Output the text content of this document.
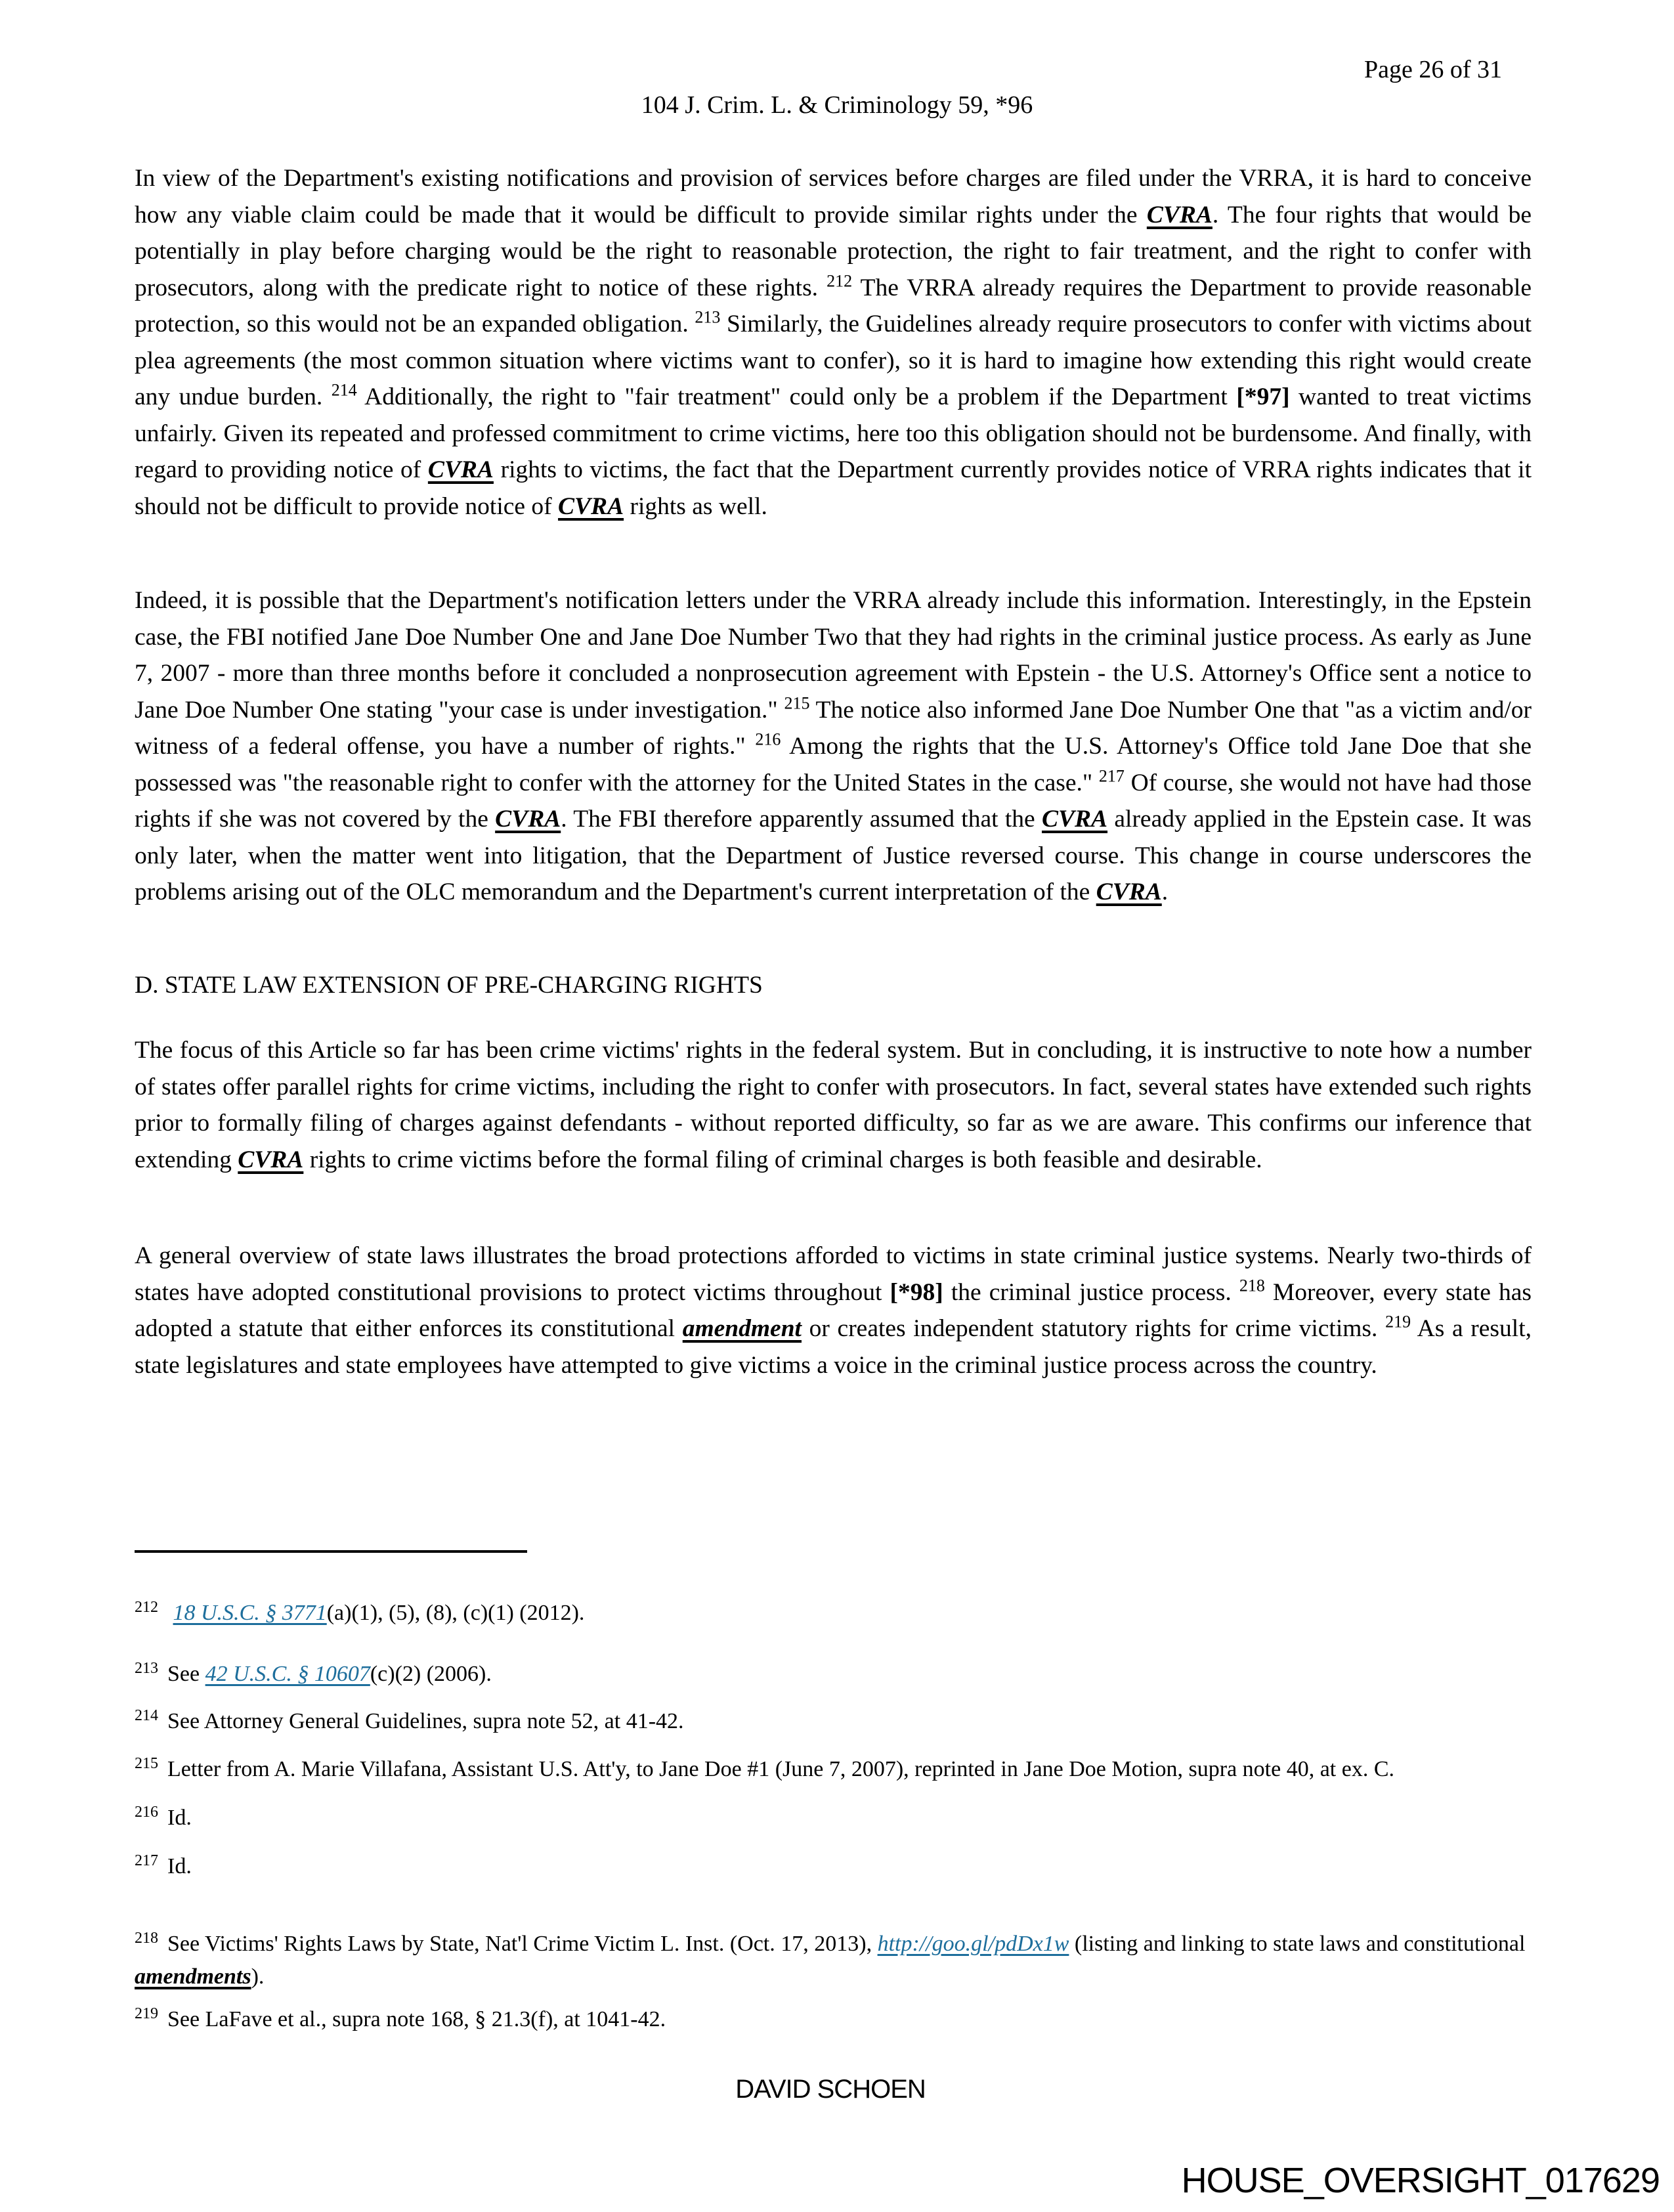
Page 26 of 31
104 J. Crim. L. & Criminology 59, *96

In view of the Department's existing notifications and provision of services before charges are filed under the VRRA, it is hard to conceive how any viable claim could be made that it would be difficult to provide similar rights under the CVRA. The four rights that would be potentially in play before charging would be the right to reasonable protection, the right to fair treatment, and the right to confer with prosecutors, along with the predicate right to notice of these rights. $^{212}$ The VRRA already requires the Department to provide reasonable protection, so this would not be an expanded obligation. $^{213}$ Similarly, the Guidelines already require prosecutors to confer with victims about plea agreements (the most common situation where victims want to confer), so it is hard to imagine how extending this right would create any undue burden. $^{214}$ Additionally, the right to "fair treatment" could only be a problem if the Department [*97] wanted to treat victims unfairly. Given its repeated and professed commitment to crime victims, here too this obligation should not be burdensome. And finally, with regard to providing notice of CVRA rights to victims, the fact that the Department currently provides notice of VRRA rights indicates that it should not be difficult to provide notice of CVRA rights as well.

Indeed, it is possible that the Department's notification letters under the VRRA already include this information. Interestingly, in the Epstein case, the FBI notified Jane Doe Number One and Jane Doe Number Two that they had rights in the criminal justice process. As early as June 7, 2007 - more than three months before it concluded a nonprosecution agreement with Epstein - the U.S. Attorney's Office sent a notice to Jane Doe Number One stating "your case is under investigation." $^{215}$ The notice also informed Jane Doe Number One that "as a victim and/or witness of a federal offense, you have a number of rights." $^{216}$ Among the rights that the U.S. Attorney's Office told Jane Doe that she possessed was "the reasonable right to confer with the attorney for the United States in the case." $^{217}$ Of course, she would not have had those rights if she was not covered by the CVRA. The FBI therefore apparently assumed that the CVRA already applied in the Epstein case. It was only later, when the matter went into litigation, that the Department of Justice reversed course. This change in course underscores the problems arising out of the OLC memorandum and the Department's current interpretation of the CVRA.

D. STATE LAW EXTENSION OF PRE-CHARGING RIGHTS

The focus of this Article so far has been crime victims' rights in the federal system. But in concluding, it is instructive to note how a number of states offer parallel rights for crime victims, including the right to confer with prosecutors. In fact, several states have extended such rights prior to formally filing of charges against defendants - without reported difficulty, so far as we are aware. This confirms our inference that extending CVRA rights to crime victims before the formal filing of criminal charges is both feasible and desirable.

A general overview of state laws illustrates the broad protections afforded to victims in state criminal justice systems. Nearly two-thirds of states have adopted constitutional provisions to protect victims throughout [*98] the criminal justice process. $^{218}$ Moreover, every state has adopted a statute that either enforces its constitutional amendment or creates independent statutory rights for crime victims. $^{219}$ As a result, state legislatures and state employees have attempted to give victims a voice in the criminal justice process across the country.

$^{212}$ 18 U.S.C. § 3771(a)(1), (5), (8), (c)(1) (2012).
$^{213}$ See 42 U.S.C. § 10607(c)(2) (2006).
$^{214}$ See Attorney General Guidelines, supra note 52, at 41-42.
$^{215}$ Letter from A. Marie Villafana, Assistant U.S. Att'y, to Jane Doe #1 (June 7, 2007), reprinted in Jane Doe Motion, supra note 40, at ex. C.
$^{216}$ Id.
$^{217}$ Id.
$^{218}$ See Victims' Rights Laws by State, Nat'l Crime Victim L. Inst. (Oct. 17, 2013), http://goo.gl/pdDx1w (listing and linking to state laws and constitutional amendments).
$^{219}$ See LaFave et al., supra note 168, § 21.3(f), at 1041-42.
DAVID SCHOEN
HOUSE_OVERSIGHT_017629
